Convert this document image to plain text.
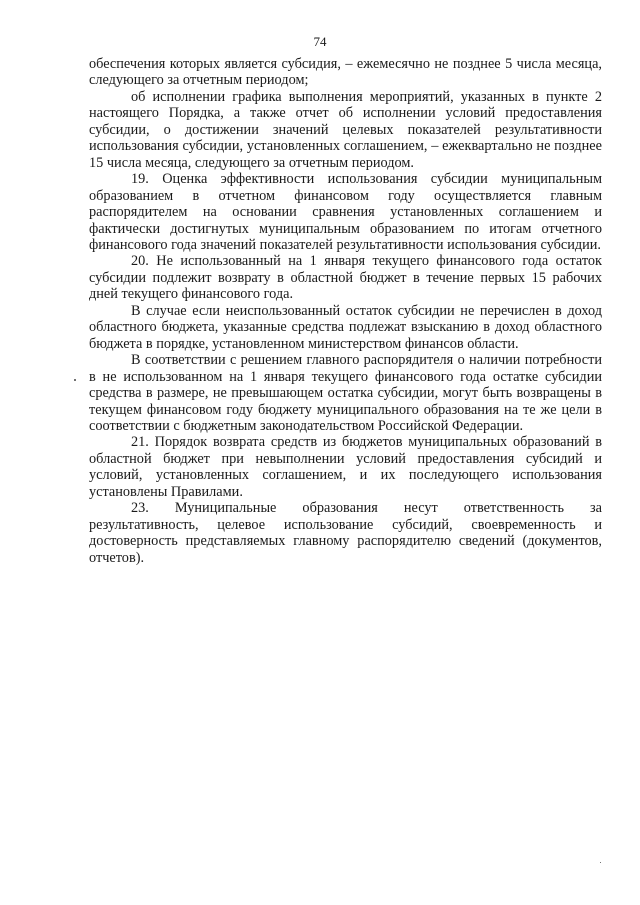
74

обеспечения которых является субсидия, – ежемесячно не позднее 5 числа месяца, следующего за отчетным периодом;

об исполнении графика выполнения мероприятий, указанных в пункте 2 настоящего Порядка, а также отчет об исполнении условий предоставления субсидии, о достижении значений целевых показателей результативности использования субсидии, установленных соглашением, – ежеквартально не позднее 15 числа месяца, следующего за отчетным периодом.

19. Оценка эффективности использования субсидии муниципальным образованием в отчетном финансовом году осуществляется главным распорядителем на основании сравнения установленных соглашением и фактически достигнутых муниципальным образованием по итогам отчетного финансового года значений показателей результативности использования субсидии.

20. Не использованный на 1 января текущего финансового года остаток субсидии подлежит возврату в областной бюджет в течение первых 15 рабочих дней текущего финансового года.

В случае если неиспользованный остаток субсидии не перечислен в доход областного бюджета, указанные средства подлежат взысканию в доход областного бюджета в порядке, установленном министерством финансов области.

В соответствии с решением главного распорядителя о наличии потребности в не использованном на 1 января текущего финансового года остатке субсидии средства в размере, не превышающем остатка субсидии, могут быть возвращены в текущем финансовом году бюджету муниципального образования на те же цели в соответствии с бюджетным законодательством Российской Федерации.

21. Порядок возврата средств из бюджетов муниципальных образований в областной бюджет при невыполнении условий предоставления субсидий и условий, установленных соглашением, и их последующего использования установлены Правилами.

23. Муниципальные образования несут ответственность за результативность, целевое использование субсидий, своевременность и достоверность представляемых главному распорядителю сведений (документов, отчетов).
